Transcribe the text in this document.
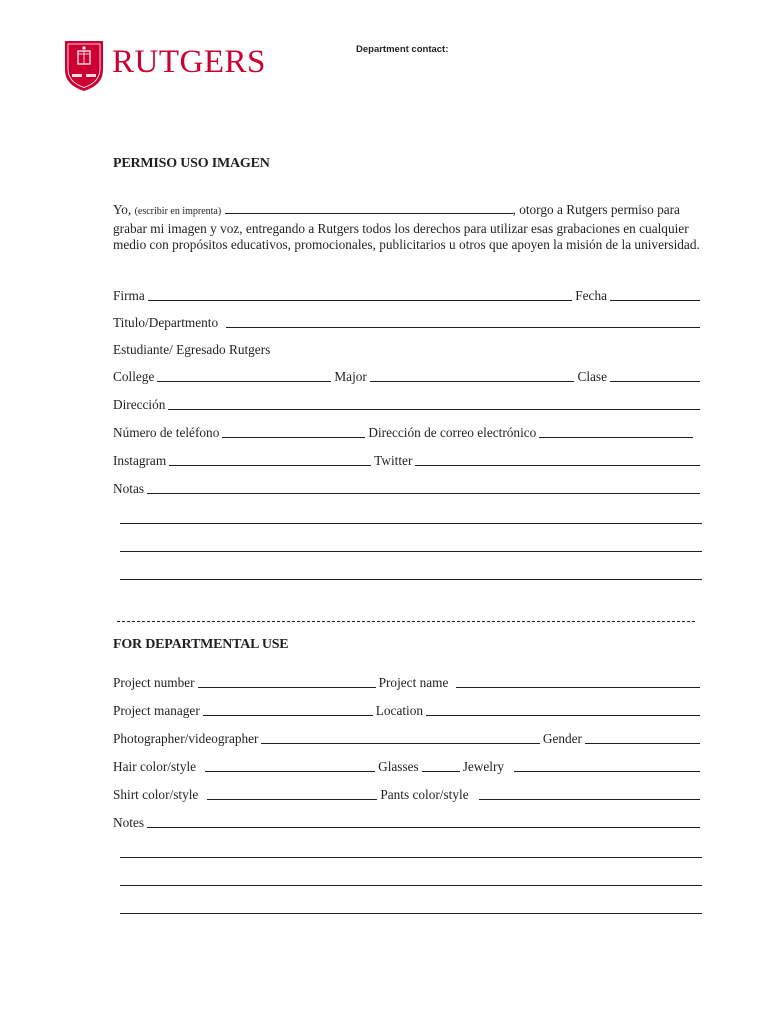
RUTGERS	Department contact:
PERMISO USO IMAGEN
Yo, (escribir en imprenta)	, otorgo a Rutgers permiso para grabar mi imagen y voz, entregando a Rutgers todos los derechos para utilizar esas grabaciones en cualquier medio con propósitos educativos, promocionales, publicitarios u otros que apoyen la misión de la universidad.
Firma	Fecha
Titulo/Departmento
Estudiante/ Egresado Rutgers
College	Major	Clase
Dirección
Número de teléfono	Dirección de correo electrónico
Instagram	Twitter
Notas
FOR DEPARTMENTAL USE
Project number	Project name
Project manager	Location
Photographer/videographer	Gender
Hair color/style	Glasses	Jewelry
Shirt color/style	Pants color/style
Notes
